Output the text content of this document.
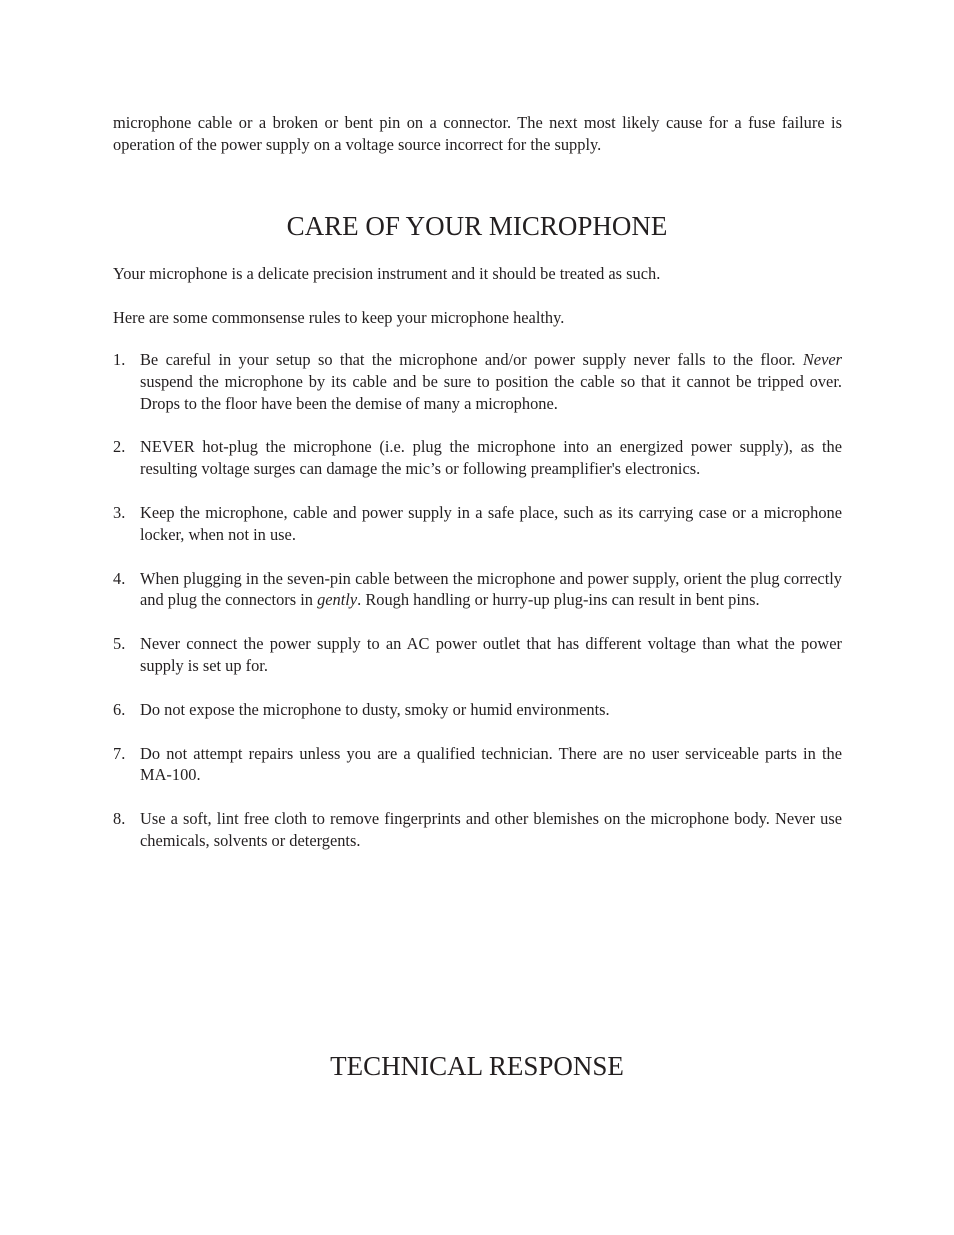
microphone cable or a broken or bent pin on a connector. The next most likely cause for a fuse failure is operation of the power supply on a voltage source incorrect for the supply.

CARE OF YOUR MICROPHONE

Your microphone is a delicate precision instrument and it should be treated as such.

Here are some commonsense rules to keep your microphone healthy.

1. Be careful in your setup so that the microphone and/or power supply never falls to the floor. Never suspend the microphone by its cable and be sure to position the cable so that it cannot be tripped over. Drops to the floor have been the demise of many a microphone.
2. NEVER hot-plug the microphone (i.e. plug the microphone into an energized power supply), as the resulting voltage surges can damage the mic’s or following preamplifier's electronics.
3. Keep the microphone, cable and power supply in a safe place, such as its carrying case or a microphone locker, when not in use.
4. When plugging in the seven-pin cable between the microphone and power supply, orient the plug correctly and plug the connectors in gently. Rough handling or hurry-up plug-ins can result in bent pins.
5. Never connect the power supply to an AC power outlet that has different voltage than what the power supply is set up for.
6. Do not expose the microphone to dusty, smoky or humid environments.
7. Do not attempt repairs unless you are a qualified technician. There are no user serviceable parts in the MA-100.
8. Use a soft, lint free cloth to remove fingerprints and other blemishes on the microphone body. Never use chemicals, solvents or detergents.
TECHNICAL RESPONSE
